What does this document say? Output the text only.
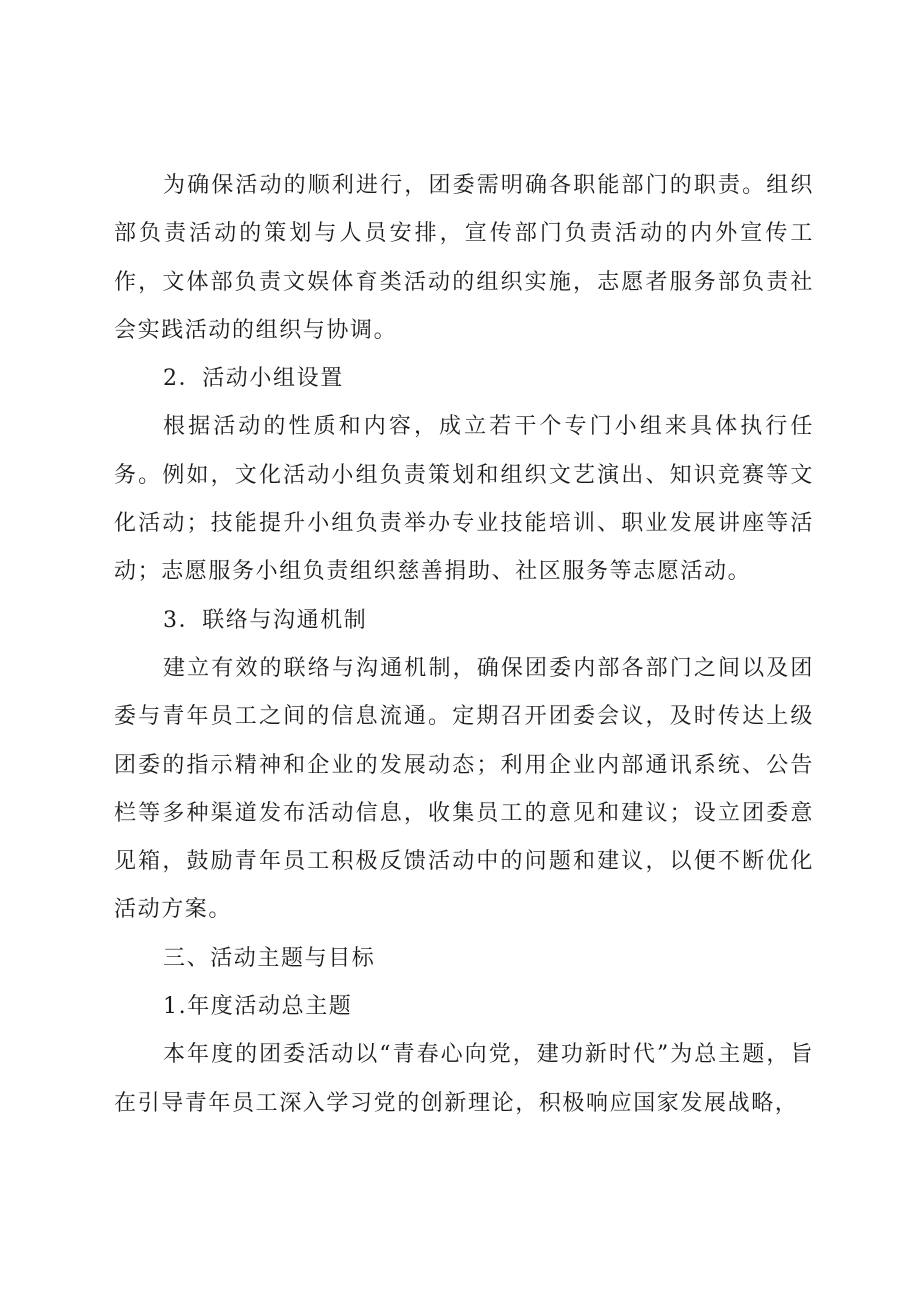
为确保活动的顺利进行，团委需明确各职能部门的职责。组织部负责活动的策划与人员安排，宣传部门负责活动的内外宣传工作，文体部负责文娱体育类活动的组织实施，志愿者服务部负责社会实践活动的组织与协调。

2．活动小组设置

根据活动的性质和内容，成立若干个专门小组来具体执行任务。例如，文化活动小组负责策划和组织文艺演出、知识竞赛等文化活动；技能提升小组负责举办专业技能培训、职业发展讲座等活动；志愿服务小组负责组织慈善捐助、社区服务等志愿活动。

3．联络与沟通机制

建立有效的联络与沟通机制，确保团委内部各部门之间以及团委与青年员工之间的信息流通。定期召开团委会议，及时传达上级团委的指示精神和企业的发展动态；利用企业内部通讯系统、公告栏等多种渠道发布活动信息，收集员工的意见和建议；设立团委意见箱，鼓励青年员工积极反馈活动中的问题和建议，以便不断优化活动方案。

三、活动主题与目标

1.年度活动总主题

本年度的团委活动以“青春心向党，建功新时代”为总主题，旨在引导青年员工深入学习党的创新理论，积极响应国家发展战略，
